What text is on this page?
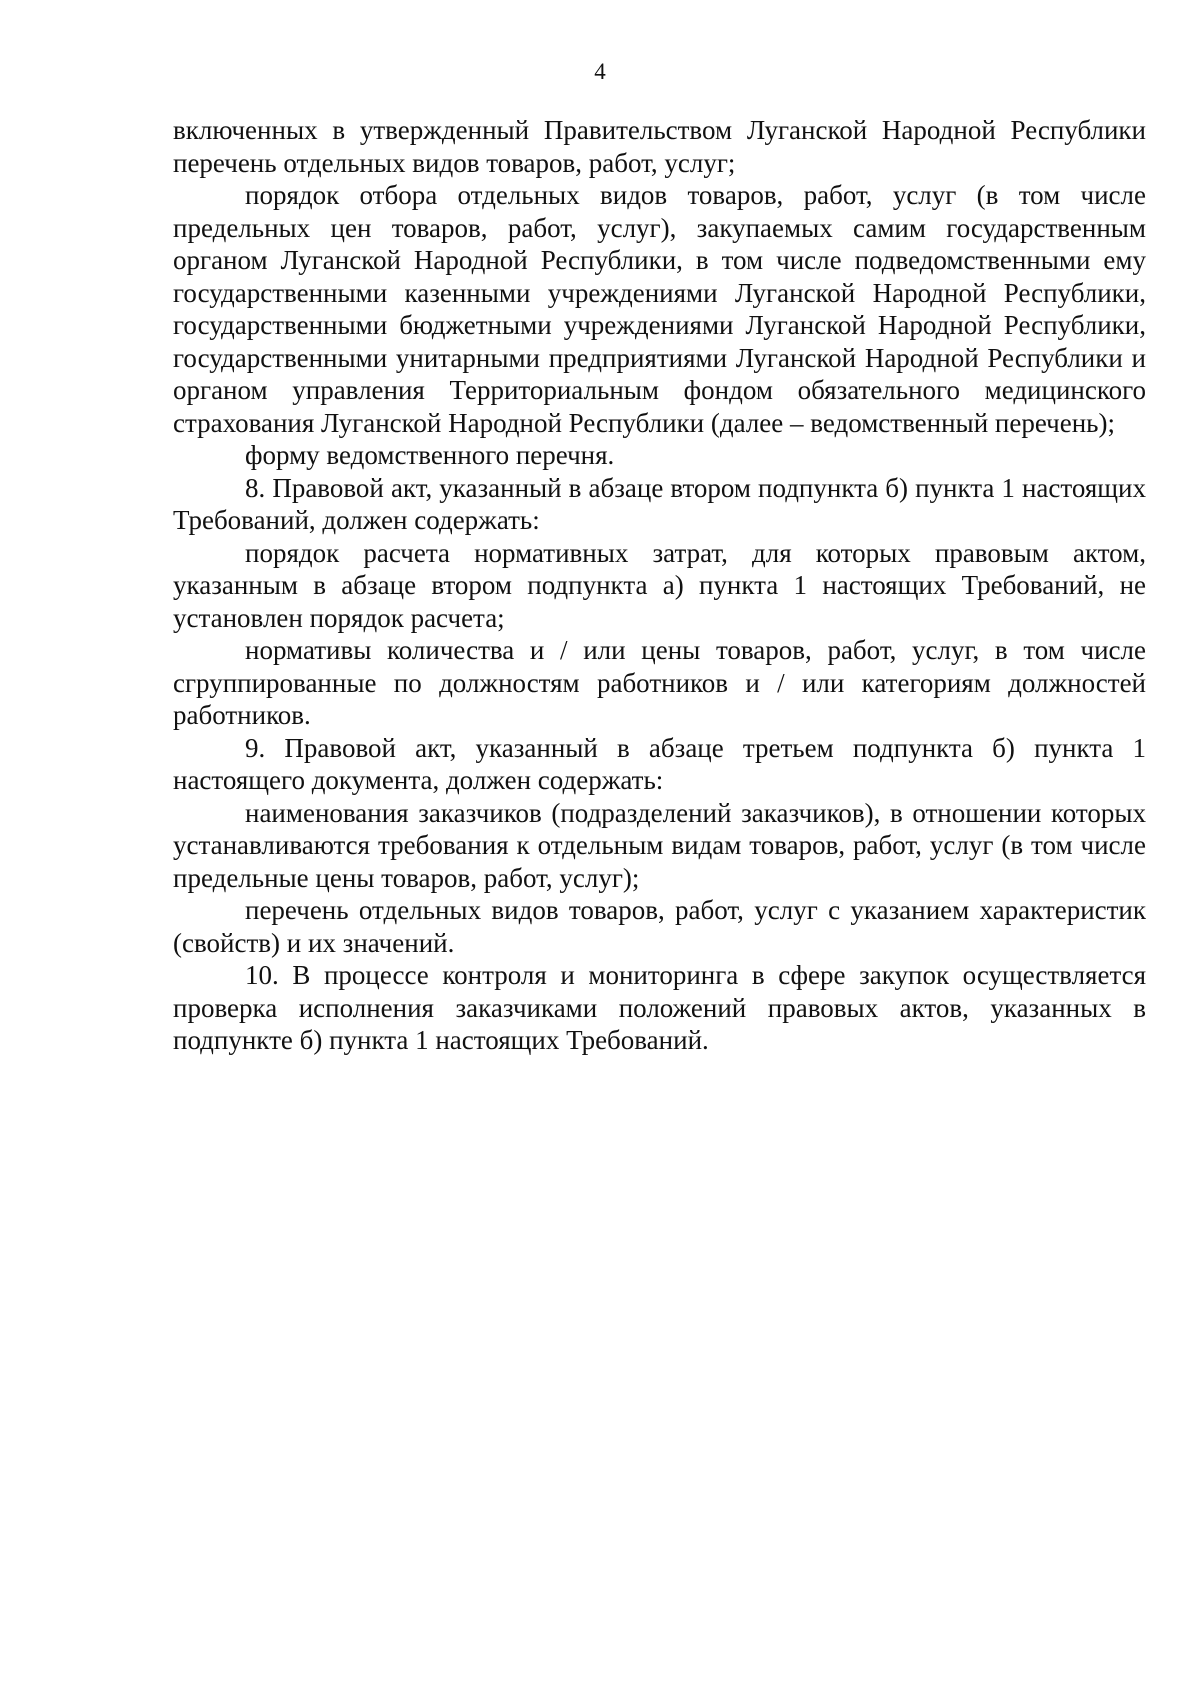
4

включенных в утвержденный Правительством Луганской Народной Республики перечень отдельных видов товаров, работ, услуг;

порядок отбора отдельных видов товаров, работ, услуг (в том числе предельных цен товаров, работ, услуг), закупаемых самим государственным органом Луганской Народной Республики, в том числе подведомственными ему государственными казенными учреждениями Луганской Народной Республики, государственными бюджетными учреждениями Луганской Народной Республики, государственными унитарными предприятиями Луганской Народной Республики и органом управления Территориальным фондом обязательного медицинского страхования Луганской Народной Республики (далее – ведомственный перечень);

форму ведомственного перечня.

8. Правовой акт, указанный в абзаце втором подпункта б) пункта 1 настоящих Требований, должен содержать:

порядок расчета нормативных затрат, для которых правовым актом, указанным в абзаце втором подпункта а) пункта 1 настоящих Требований, не установлен порядок расчета;

нормативы количества и / или цены товаров, работ, услуг, в том числе сгруппированные по должностям работников и / или категориям должностей работников.

9. Правовой акт, указанный в абзаце третьем подпункта б) пункта 1 настоящего документа, должен содержать:

наименования заказчиков (подразделений заказчиков), в отношении которых устанавливаются требования к отдельным видам товаров, работ, услуг (в том числе предельные цены товаров, работ, услуг);

перечень отдельных видов товаров, работ, услуг с указанием характеристик (свойств) и их значений.

10. В процессе контроля и мониторинга в сфере закупок осуществляется проверка исполнения заказчиками положений правовых актов, указанных в подпункте б) пункта 1 настоящих Требований.
